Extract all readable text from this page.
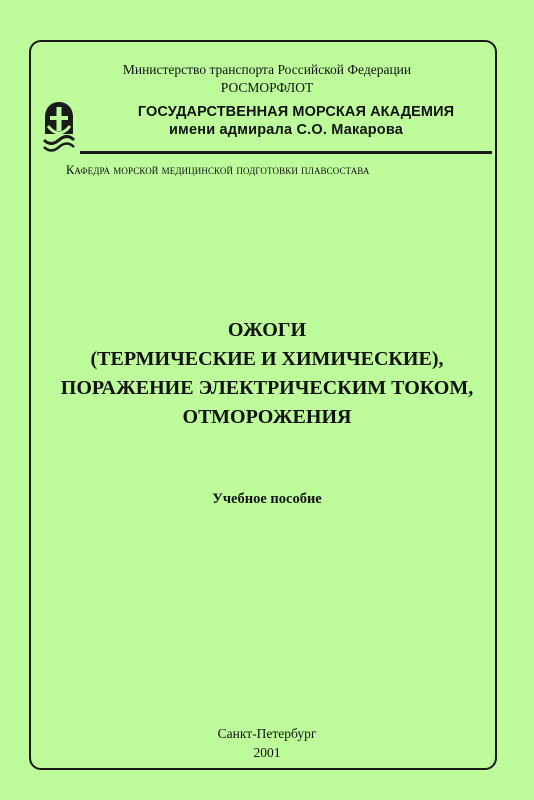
Министерство транспорта Российской Федерации
РОСМОРФЛОТ
ГОСУДАРСТВЕННАЯ МОРСКАЯ АКАДЕМИЯ
имени адмирала С.О. Макарова
Кафедра морской медицинской подготовки плавсостава
ОЖОГИ
(ТЕРМИЧЕСКИЕ И ХИМИЧЕСКИЕ),
ПОРАЖЕНИЕ ЭЛЕКТРИЧЕСКИМ ТОКОМ,
ОТМОРОЖЕНИЯ
Учебное пособие
Санкт-Петербург
2001
